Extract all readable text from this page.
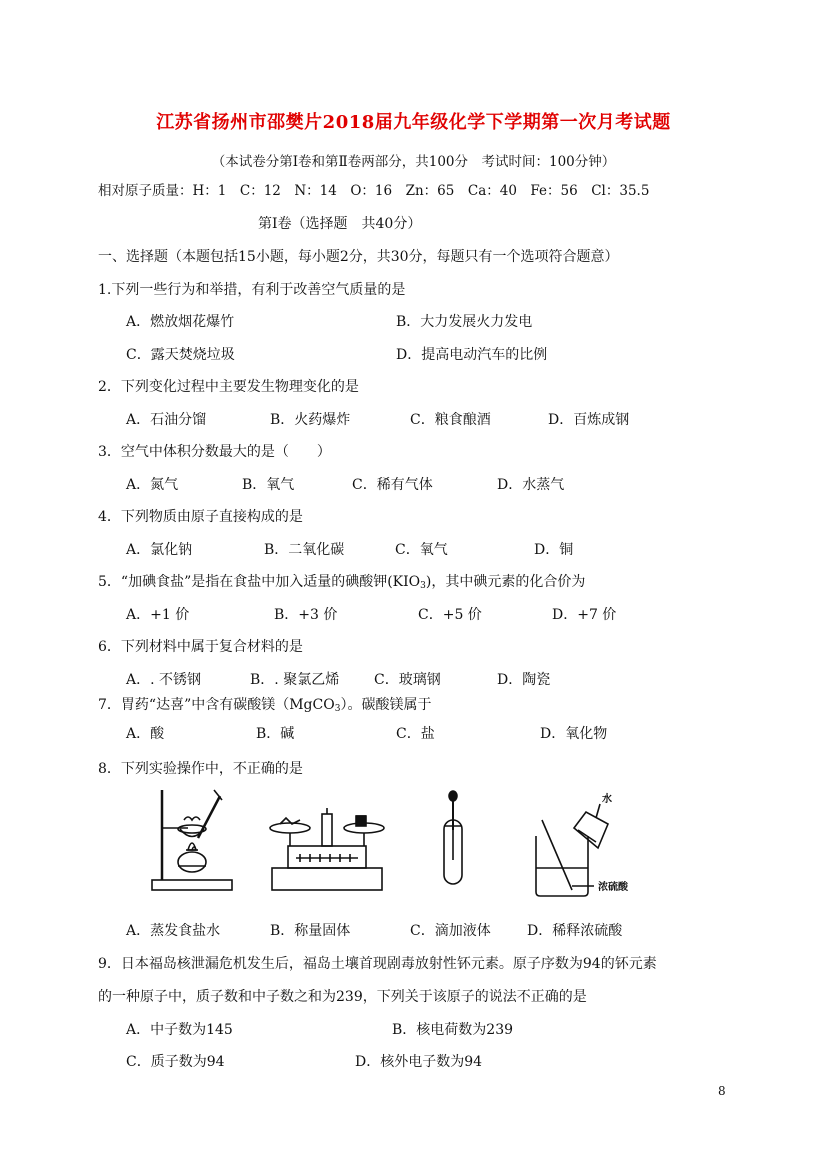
江苏省扬州市邵樊片2018届九年级化学下学期第一次月考试题
（本试卷分第Ⅰ卷和第Ⅱ卷两部分，共100分　考试时间：100分钟）
相对原子质量：H：1　C：12　N：14　O：16　Zn：65　Ca：40　Fe：56　Cl：35.5
第Ⅰ卷（选择题　共40分）
一、选择题（本题包括15小题，每小题2分，共30分，每题只有一个选项符合题意）
1.下列一些行为和举措，有利于改善空气质量的是
A．燃放烟花爆竹	B．大力发展火力发电
C．露天焚烧垃圾	D．提高电动汽车的比例
2．下列变化过程中主要发生物理变化的是
A．石油分馏	B．火药爆炸	C．粮食酿酒	D．百炼成钢
3．空气中体积分数最大的是（　　）
A．氮气	B．氧气	C．稀有气体	D．水蒸气
4．下列物质由原子直接构成的是
A．氯化钠	B．二氧化碳	C．氧气	D．铜
5．“加碘食盐”是指在食盐中加入适量的碘酸钾$(KIO_3)$，其中碘元素的化合价为
A．+1 价	B．+3 价	C．+5 价	D．+7 价
6．下列材料中属于复合材料的是
A．. 不锈钢	B．. 聚氯乙烯 C．玻璃钢	D．陶瓷
7．胃药“达喜”中含有碳酸镁（MgCO$_3$）。碳酸镁属于
A．酸	B．碱	C．盐	D．氧化物
8．下列实验操作中，不正确的是
水
浓硫酸
A．蒸发食盐水	B．称量固体	C．滴加液体	D．稀释浓硫酸
9．日本福岛核泄漏危机发生后，福岛土壤首现剧毒放射性钚元素。原子序数为94的钚元素
的一种原子中，质子数和中子数之和为239，下列关于该原子的说法不正确的是
A．中子数为145	B．核电荷数为239
C．质子数为94	D．核外电子数为94
8
